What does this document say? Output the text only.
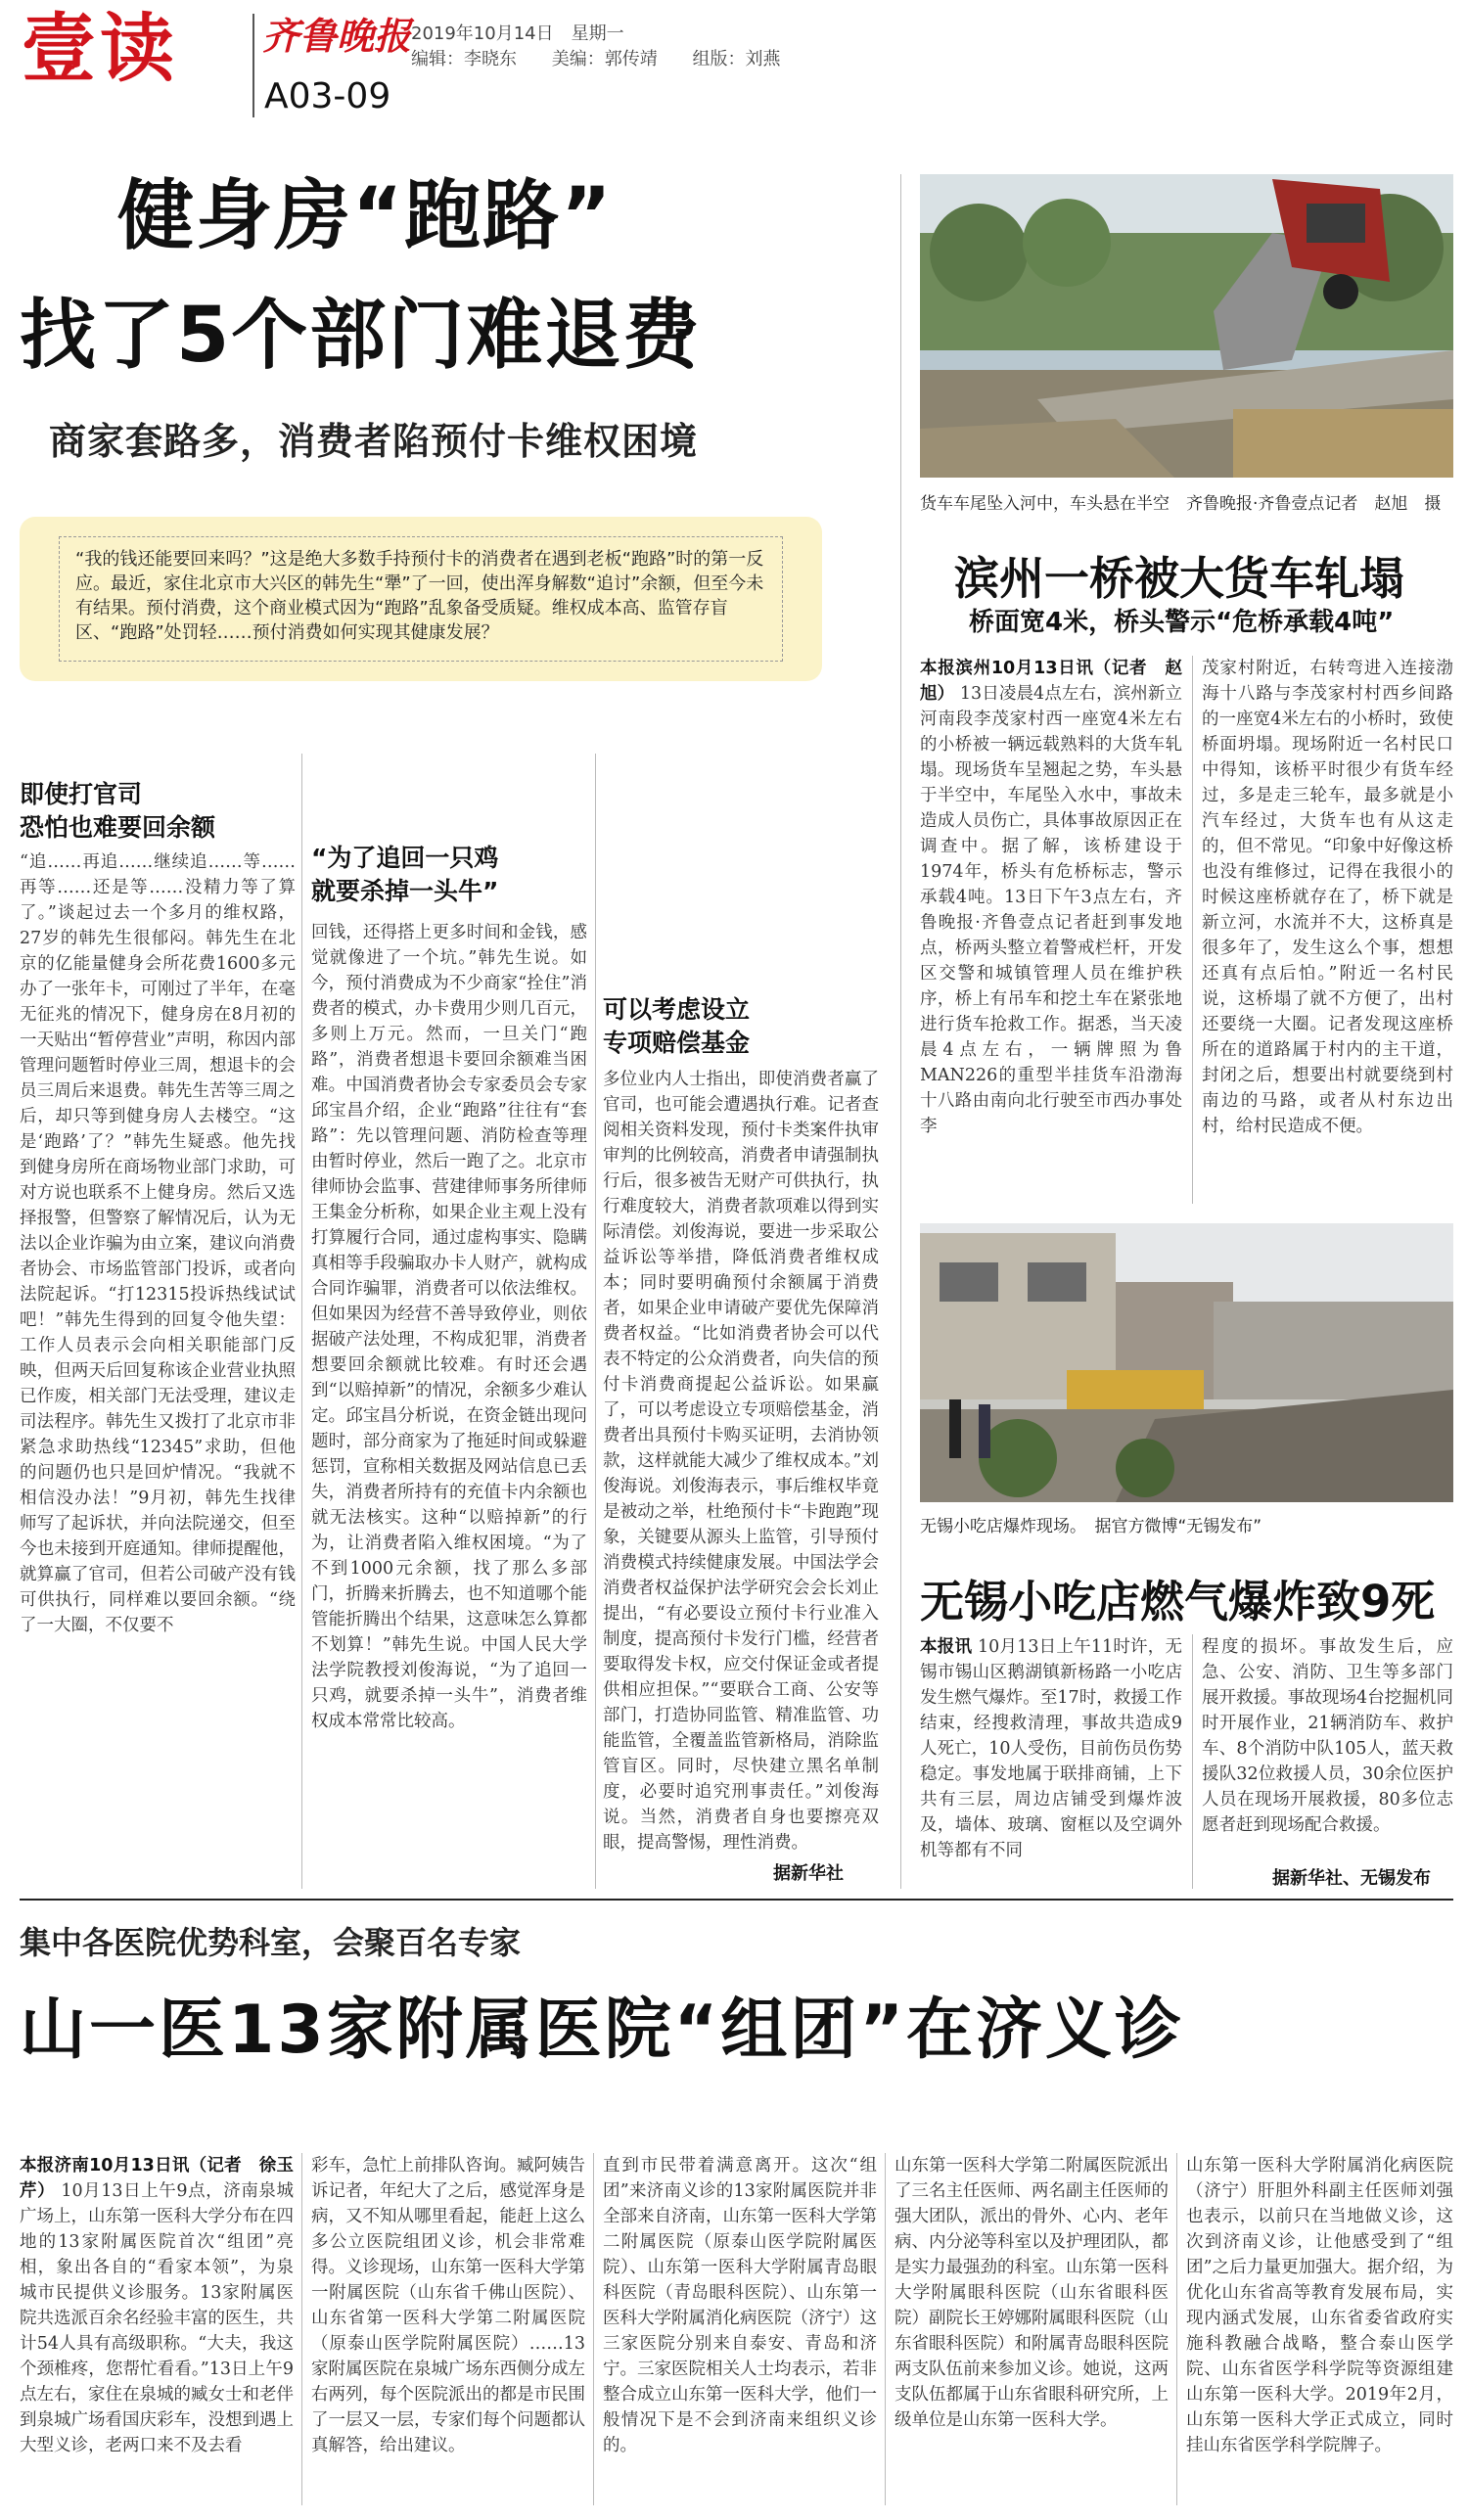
壹读 齐鲁晚报
A03-09
2019年10月14日　星期一
编辑：李晓东 美编：郭传靖 组版：刘燕
健身房“跑路”
找了5个部门难退费
商家套路多，消费者陷预付卡维权困境
“我的钱还能要回来吗？”这是绝大多数手持预付卡的消费者在遇到老板“跑路”时的第一反应。最近，家住北京市大兴区的韩先生“犟”了一回，使出浑身解数“追讨”余额，但至今未有结果。预付消费，这个商业模式因为“跑路”乱象备受质疑。维权成本高、监管存盲区、“跑路”处罚轻……预付消费如何实现其健康发展？
即使打官司
恐怕也难要回余额
“追……再追……继续追……等……再等……还是等……没精力等了算了。”谈起过去一个多月的维权路，27岁的韩先生很郁闷。韩先生在北京的亿能量健身会所花费1600多元办了一张年卡，可刚过了半年，在毫无征兆的情况下，健身房在8月初的一天贴出“暂停营业”声明，称因内部管理问题暂时停业三周，想退卡的会员三周后来退费。韩先生苦等三周之后，却只等到健身房人去楼空。“这是‘跑路’了？”韩先生疑惑。他先找到健身房所在商场物业部门求助，可对方说也联系不上健身房。然后又选择报警，但警察了解情况后，认为无法以企业诈骗为由立案，建议向消费者协会、市场监管部门投诉，或者向法院起诉。“打12315投诉热线试试吧！”韩先生得到的回复令他失望：工作人员表示会向相关职能部门反映，但两天后回复称该企业营业执照已作废，相关部门无法受理，建议走司法程序。韩先生又拨打了北京市非紧急求助热线“12345”求助，但他的问题仍也只是回炉情况。“我就不相信没办法！”9月初，韩先生找律师写了起诉状，并向法院递交，但至今也未接到开庭通知。律师提醒他，就算赢了官司，但若公司破产没有钱可供执行，同样难以要回余额。“绕了一大圈，不仅要不
“为了追回一只鸡
就要杀掉一头牛”
回钱，还得搭上更多时间和金钱，感觉就像进了一个坑。”韩先生说。如今，预付消费成为不少商家“拴住”消费者的模式，办卡费用少则几百元，多则上万元。然而，一旦关门“跑路”，消费者想退卡要回余额难当困难。中国消费者协会专家委员会专家邱宝昌介绍，企业“跑路”往往有“套路”：先以管理问题、消防检查等理由暂时停业，然后一跑了之。北京市律师协会监事、营建律师事务所律师王集金分析称，如果企业主观上没有打算履行合同，通过虚构事实、隐瞒真相等手段骗取办卡人财产，就构成合同诈骗罪，消费者可以依法维权。但如果因为经营不善导致停业，则依据破产法处理，不构成犯罪，消费者想要回余额就比较难。有时还会遇到“以赔掉新”的情况，余额多少难认定。邱宝昌分析说，在资金链出现问题时，部分商家为了拖延时间或躲避惩罚，宣称相关数据及网站信息已丢失，消费者所持有的充值卡内余额也就无法核实。这种“以赔掉新”的行为，让消费者陷入维权困境。“为了不到1000元余额，找了那么多部门，折腾来折腾去，也不知道哪个能管能折腾出个结果，这意味怎么算都不划算！”韩先生说。中国人民大学法学院教授刘俊海说，“为了追回一只鸡，就要杀掉一头牛”，消费者维权成本常常比较高。
可以考虑设立
专项赔偿基金
多位业内人士指出，即使消费者赢了官司，也可能会遭遇执行难。记者查阅相关资料发现，预付卡类案件执审审判的比例较高，消费者申请强制执行后，很多被告无财产可供执行，执行难度较大，消费者款项难以得到实际清偿。刘俊海说，要进一步采取公益诉讼等举措，降低消费者维权成本；同时要明确预付余额属于消费者，如果企业申请破产要优先保障消费者权益。“比如消费者协会可以代表不特定的公众消费者，向失信的预付卡消费商提起公益诉讼。如果赢了，可以考虑设立专项赔偿基金，消费者出具预付卡购买证明，去消协领款，这样就能大减少了维权成本。”刘俊海说。刘俊海表示，事后维权毕竟是被动之举，杜绝预付卡“卡跑跑”现象，关键要从源头上监管，引导预付消费模式持续健康发展。中国法学会消费者权益保护法学研究会会长刘止提出，“有必要设立预付卡行业准入制度，提高预付卡发行门槛，经营者要取得发卡权，应交付保证金或者提供相应担保。”“要联合工商、公安等部门，打造协同监管、精准监管、功能监管，全覆盖监管新格局，消除监管盲区。同时，尽快建立黑名单制度，必要时追究刑事责任。”刘俊海说。当然，消费者自身也要擦亮双眼，提高警惕，理性消费。
据新华社
货车车尾坠入河中，车头悬在半空　齐鲁晚报·齐鲁壹点记者　赵旭　摄
滨州一桥被大货车轧塌
桥面宽4米，桥头警示“危桥承载4吨”
本报滨州10月13日讯（记者　赵旭） 13日凌晨4点左右，滨州新立河南段李茂家村西一座宽4米左右的小桥被一辆远载熟料的大货车轧塌。现场货车呈翘起之势，车头悬于半空中，车尾坠入水中，事故未造成人员伤亡，具体事故原因正在调查中。据了解，该桥建设于1974年，桥头有危桥标志，警示承载4吨。13日下午3点左右，齐鲁晚报·齐鲁壹点记者赶到事发地点，桥两头整立着警戒栏杆，开发区交警和城镇管理人员在维护秩序，桥上有吊车和挖土车在紧张地进行货车抢救工作。据悉，当天凌晨4点左右，一辆牌照为鲁MAN226的重型半挂货车沿渤海十八路由南向北行驶至市西办事处李
茂家村附近，右转弯进入连接渤海十八路与李茂家村村西乡间路的一座宽4米左右的小桥时，致使桥面坍塌。现场附近一名村民口中得知，该桥平时很少有货车经过，多是走三轮车，最多就是小汽车经过，大货车也有从这走的，但不常见。“印象中好像这桥也没有维修过，记得在我很小的时候这座桥就存在了，桥下就是新立河，水流并不大，这桥真是很多年了，发生这么个事，想想还真有点后怕。”附近一名村民说，这桥塌了就不方便了，出村还要绕一大圈。记者发现这座桥所在的道路属于村内的主干道，封闭之后，想要出村就要绕到村南边的马路，或者从村东边出村，给村民造成不便。
无锡小吃店爆炸现场。　据官方微博“无锡发布”
无锡小吃店燃气爆炸致9死
本报讯 10月13日上午11时许，无锡市锡山区鹅湖镇新杨路一小吃店发生燃气爆炸。至17时，救援工作结束，经搜救清理，事故共造成9人死亡，10人受伤，目前伤员伤势稳定。事发地属于联排商铺，上下共有三层，周边店铺受到爆炸波及，墙体、玻璃、窗框以及空调外机等都有不同
程度的损坏。事故发生后，应急、公安、消防、卫生等多部门展开救援。事故现场4台挖掘机同时开展作业，21辆消防车、救护车、8个消防中队105人，蓝天救援队32位救援人员，30余位医护人员在现场开展救援，80多位志愿者赶到现场配合救援。
据新华社、无锡发布
集中各医院优势科室，会聚百名专家
山一医13家附属医院“组团”在济义诊
本报济南10月13日讯（记者　徐玉芹） 10月13日上午9点，济南泉城广场上，山东第一医科大学分布在四地的13家附属医院首次“组团”亮相，象出各自的“看家本领”，为泉城市民提供义诊服务。13家附属医院共选派百余名经验丰富的医生，共计54人具有高级职称。“大夫，我这个颈椎疼，您帮忙看看。”13日上午9点左右，家住在泉城的臧女士和老伴到泉城广场看国庆彩车，没想到遇上大型义诊，老两口来不及去看
彩车，急忙上前排队咨询。臧阿姨告诉记者，年纪大了之后，感觉浑身是病，又不知从哪里看起，能赶上这么多公立医院组团义诊，机会非常难得。义诊现场，山东第一医科大学第一附属医院（山东省千佛山医院）、山东省第一医科大学第二附属医院（原泰山医学院附属医院）……13家附属医院在泉城广场东西侧分成左右两列，每个医院派出的都是市民围了一层又一层，专家们每个问题都认真解答，给出建议。
直到市民带着满意离开。这次“组团”来济南义诊的13家附属医院并非全部来自济南，山东第一医科大学第二附属医院（原泰山医学院附属医院）、山东第一医科大学附属青岛眼科医院（青岛眼科医院）、山东第一医科大学附属消化病医院（济宁）这三家医院分别来自泰安、青岛和济宁。三家医院相关人士均表示，若非整合成立山东第一医科大学，他们一般情况下是不会到济南来组织义诊的。
山东第一医科大学第二附属医院派出了三名主任医师、两名副主任医师的强大团队，派出的骨外、心内、老年病、内分泌等科室以及护理团队，都是实力最强劲的科室。山东第一医科大学附属眼科医院（山东省眼科医院）副院长王婷娜附属眼科医院（山东省眼科医院）和附属青岛眼科医院两支队伍前来参加义诊。她说，这两支队伍都属于山东省眼科研究所，上级单位是山东第一医科大学。
山东第一医科大学附属消化病医院（济宁）肝胆外科副主任医师刘强也表示，以前只在当地做义诊，这次到济南义诊，让他感受到了“组团”之后力量更加强大。据介绍，为优化山东省高等教育发展布局，实现内涵式发展，山东省委省政府实施科教融合战略，整合泰山医学院、山东省医学科学院等资源组建山东第一医科大学。2019年2月，山东第一医科大学正式成立，同时挂山东省医学科学院牌子。
